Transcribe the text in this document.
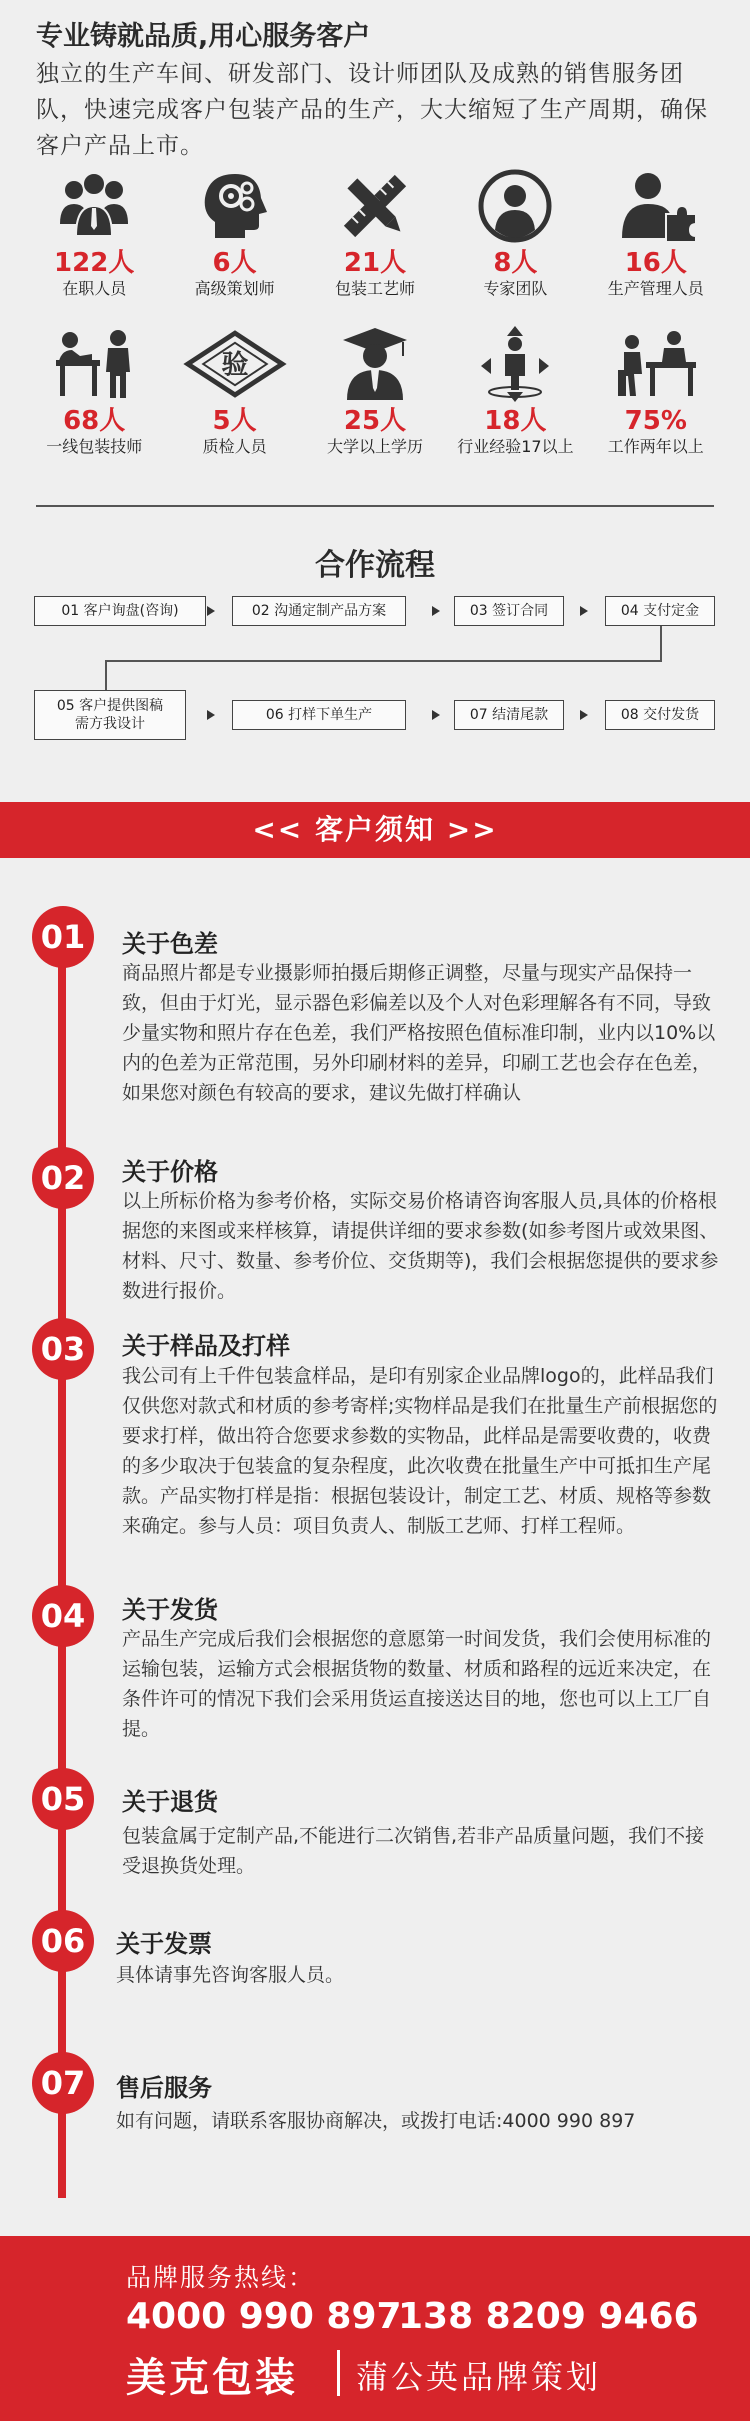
专业铸就品质,用心服务客户
独立的生产车间、研发部门、设计师团队及成熟的销售服务团队，快速完成客户包装产品的生产，大大缩短了生产周期，确保客户产品上市。
122人
在职人员
6人
高级策划师
21人
包装工艺师
8人
专家团队
16人
生产管理人员
68人
一线包装技师
验
5人
质检人员
25人
大学以上学历
18人
行业经验17以上
75%
工作两年以上
合作流程
01 客户询盘(咨询)	02 沟通定制产品方案	03 签订合同	04 支付定金
05 客户提供图稿
需方我设计
06 打样下单生产	07 结清尾款	08 交付发货
<< 客户须知 >>
01	关于色差
商品照片都是专业摄影师拍摄后期修正调整，尽量与现实产品保持一致，但由于灯光，显示器色彩偏差以及个人对色彩理解各有不同，导致少量实物和照片存在色差，我们严格按照色值标准印制，业内以10%以内的色差为正常范围，另外印刷材料的差异，印刷工艺也会存在色差，如果您对颜色有较高的要求，建议先做打样确认
02	关于价格
以上所标价格为参考价格，实际交易价格请咨询客服人员,具体的价格根据您的来图或来样核算，请提供详细的要求参数(如参考图片或效果图、材料、尺寸、数量、参考价位、交货期等)，我们会根据您提供的要求参数进行报价。
03	关于样品及打样
我公司有上千件包装盒样品，是印有别家企业品牌logo的，此样品我们仅供您对款式和材质的参考寄样;实物样品是我们在批量生产前根据您的要求打样，做出符合您要求参数的实物品，此样品是需要收费的，收费的多少取决于包装盒的复杂程度，此次收费在批量生产中可抵扣生产尾款。产品实物打样是指：根据包装设计，制定工艺、材质、规格等参数来确定。参与人员：项目负责人、制版工艺师、打样工程师。
04	关于发货
产品生产完成后我们会根据您的意愿第一时间发货，我们会使用标准的运输包装，运输方式会根据货物的数量、材质和路程的远近来决定，在条件许可的情况下我们会采用货运直接送达目的地，您也可以上工厂自提。
05	关于退货
包装盒属于定制产品,不能进行二次销售,若非产品质量问题，我们不接受退换货处理。
06	关于发票
具体请事先咨询客服人员。
07	售后服务
如有问题，请联系客服协商解决，或拨打电话:4000 990 897
品牌服务热线：
4000 990 897
138 8209 9466
美克包装 蒲公英品牌策划
